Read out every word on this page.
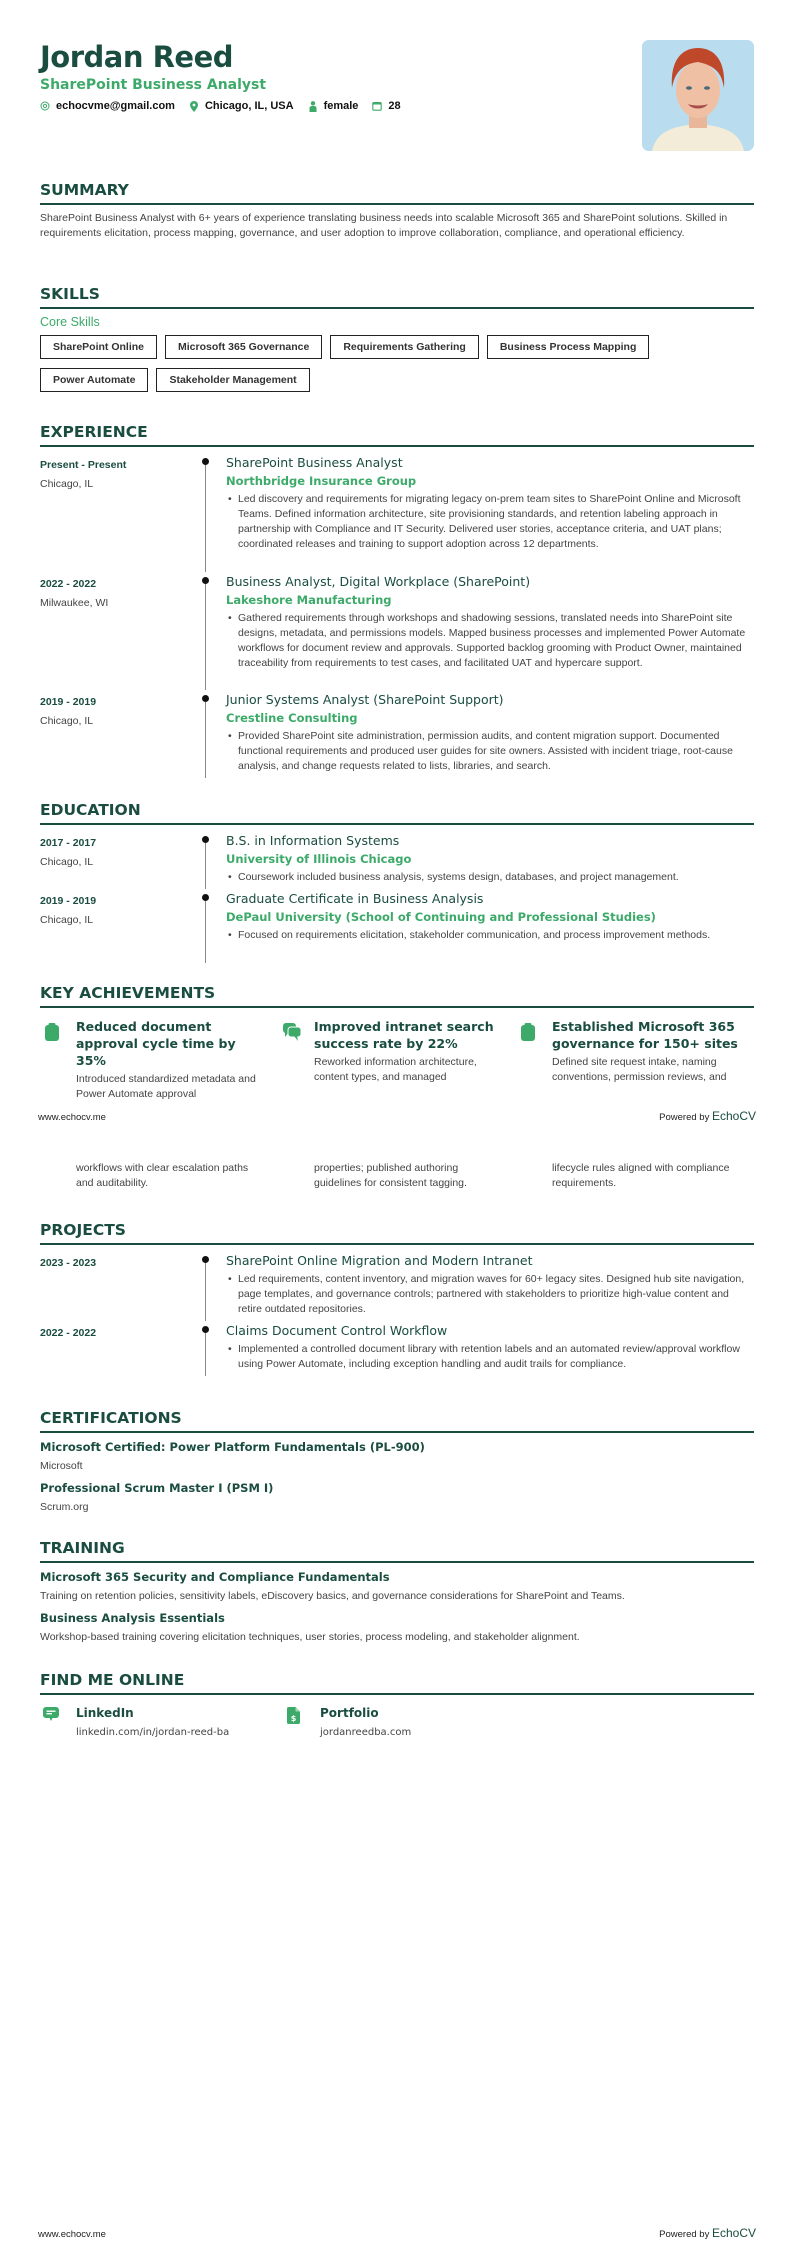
Jordan Reed
SharePoint Business Analyst
echocvme@gmail.com	Chicago, IL, USA	female	28
SUMMARY

SharePoint Business Analyst with 6+ years of experience translating business needs into scalable Microsoft 365 and SharePoint solutions. Skilled in requirements elicitation, process mapping, governance, and user adoption to improve collaboration, compliance, and operational efficiency.

SKILLS
Core Skills
SharePoint Online	Microsoft 365 Governance	Requirements Gathering	Business Process Mapping
Power Automate	Stakeholder Management
EXPERIENCE
Present - Present
Chicago, IL
SharePoint Business Analyst
Northbridge Insurance Group
• Led discovery and requirements for migrating legacy on-prem team sites to SharePoint Online and Microsoft Teams. Defined information architecture, site provisioning standards, and retention labeling approach in partnership with Compliance and IT Security. Delivered user stories, acceptance criteria, and UAT plans; coordinated releases and training to support adoption across 12 departments.
2022 - 2022
Milwaukee, WI
Business Analyst, Digital Workplace (SharePoint)
Lakeshore Manufacturing
• Gathered requirements through workshops and shadowing sessions, translated needs into SharePoint site designs, metadata, and permissions models. Mapped business processes and implemented Power Automate workflows for document review and approvals. Supported backlog grooming with Product Owner, maintained traceability from requirements to test cases, and facilitated UAT and hypercare support.
2019 - 2019
Chicago, IL
Junior Systems Analyst (SharePoint Support)
Crestline Consulting
• Provided SharePoint site administration, permission audits, and content migration support. Documented functional requirements and produced user guides for site owners. Assisted with incident triage, root-cause analysis, and change requests related to lists, libraries, and search.
EDUCATION
2017 - 2017
Chicago, IL
B.S. in Information Systems
University of Illinois Chicago
• Coursework included business analysis, systems design, databases, and project management.
2019 - 2019
Chicago, IL
Graduate Certificate in Business Analysis
DePaul University (School of Continuing and Professional Studies)
• Focused on requirements elicitation, stakeholder communication, and process improvement methods.
KEY ACHIEVEMENTS
Reduced document approval cycle time by 35%
Introduced standardized metadata and Power Automate approval
Improved intranet search success rate by 22%
Reworked information architecture, content types, and managed
Established Microsoft 365 governance for 150+ sites
Defined site request intake, naming conventions, permission reviews, and
www.echocv.me	Powered by EchoCV
workflows with clear escalation paths and auditability.
properties; published authoring guidelines for consistent tagging.
lifecycle rules aligned with compliance requirements.
PROJECTS
2023 - 2023	SharePoint Online Migration and Modern Intranet
• Led requirements, content inventory, and migration waves for 60+ legacy sites. Designed hub site navigation, page templates, and governance controls; partnered with stakeholders to prioritize high-value content and retire outdated repositories.
2022 - 2022	Claims Document Control Workflow
• Implemented a controlled document library with retention labels and an automated review/approval workflow using Power Automate, including exception handling and audit trails for compliance.
CERTIFICATIONS
Microsoft Certified: Power Platform Fundamentals (PL-900)
Microsoft
Professional Scrum Master I (PSM I)
Scrum.org
TRAINING
Microsoft 365 Security and Compliance Fundamentals
Training on retention policies, sensitivity labels, eDiscovery basics, and governance considerations for SharePoint and Teams.
Business Analysis Essentials
Workshop-based training covering elicitation techniques, user stories, process modeling, and stakeholder alignment.
FIND ME ONLINE
LinkedIn
linkedin.com/in/jordan-reed-ba
$ Portfolio
jordanreedba.com
www.echocv.me	Powered by EchoCV
